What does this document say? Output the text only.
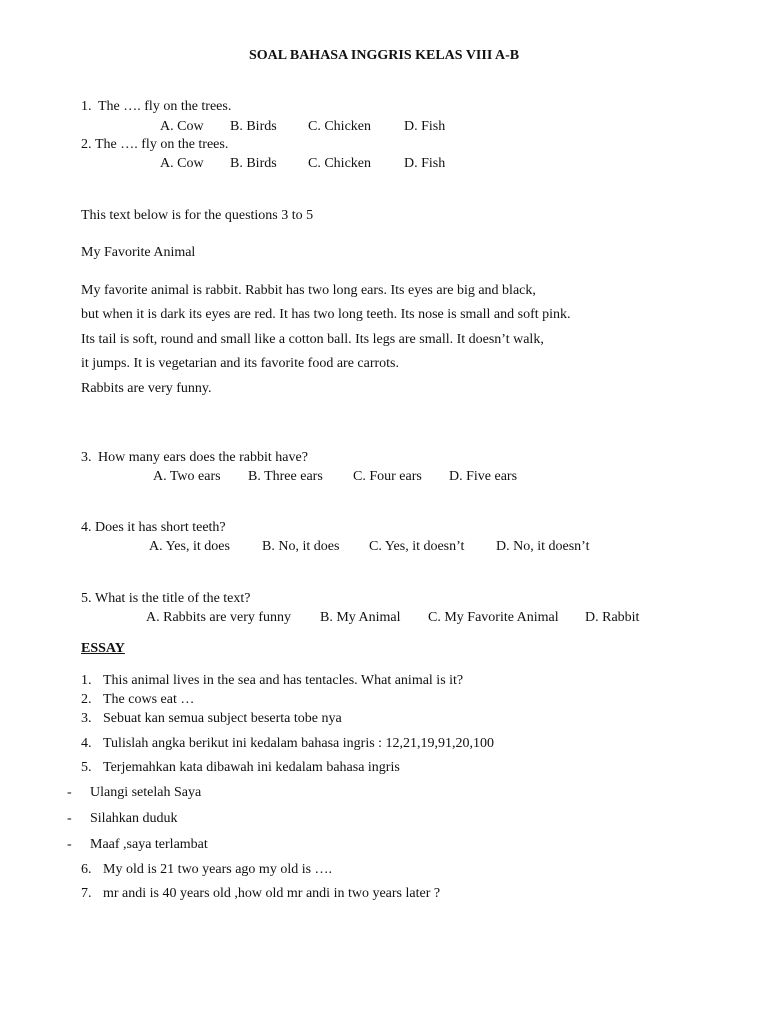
SOAL BAHASA INGGRIS KELAS VIII A-B
1. The …. fly on the trees.
A. Cow B. Birds C. Chicken D. Fish
2. The …. fly on the trees.
A. Cow B. Birds C. Chicken D. Fish
This text below is for the questions 3 to 5
My Favorite Animal
My favorite animal is rabbit. Rabbit has two long ears. Its eyes are big and black,
but when it is dark its eyes are red. It has two long teeth. Its nose is small and soft pink.
Its tail is soft, round and small like a cotton ball. Its legs are small. It doesn’t walk,
it jumps. It is vegetarian and its favorite food are carrots.
Rabbits are very funny.
3. How many ears does the rabbit have?
A. Two ears B. Three ears C. Four ears D. Five ears
4. Does it has short teeth?
A. Yes, it does B. No, it does C. Yes, it doesn’t D. No, it doesn’t
5. What is the title of the text?
A. Rabbits are very funny B. My Animal C. My Favorite Animal D. Rabbit
ESSAY
1. This animal lives in the sea and has tentacles. What animal is it?
2. The cows eat …
3. Sebuat kan semua subject beserta tobe nya
4. Tulislah angka berikut ini kedalam bahasa ingris : 12,21,19,91,20,100
5. Terjemahkan kata dibawah ini kedalam bahasa ingris
- Ulangi setelah Saya
- Silahkan duduk
- Maaf ,saya terlambat
6. My old is 21 two years ago my old is ….
7. mr andi is 40 years old ,how old mr andi in two years later ?
